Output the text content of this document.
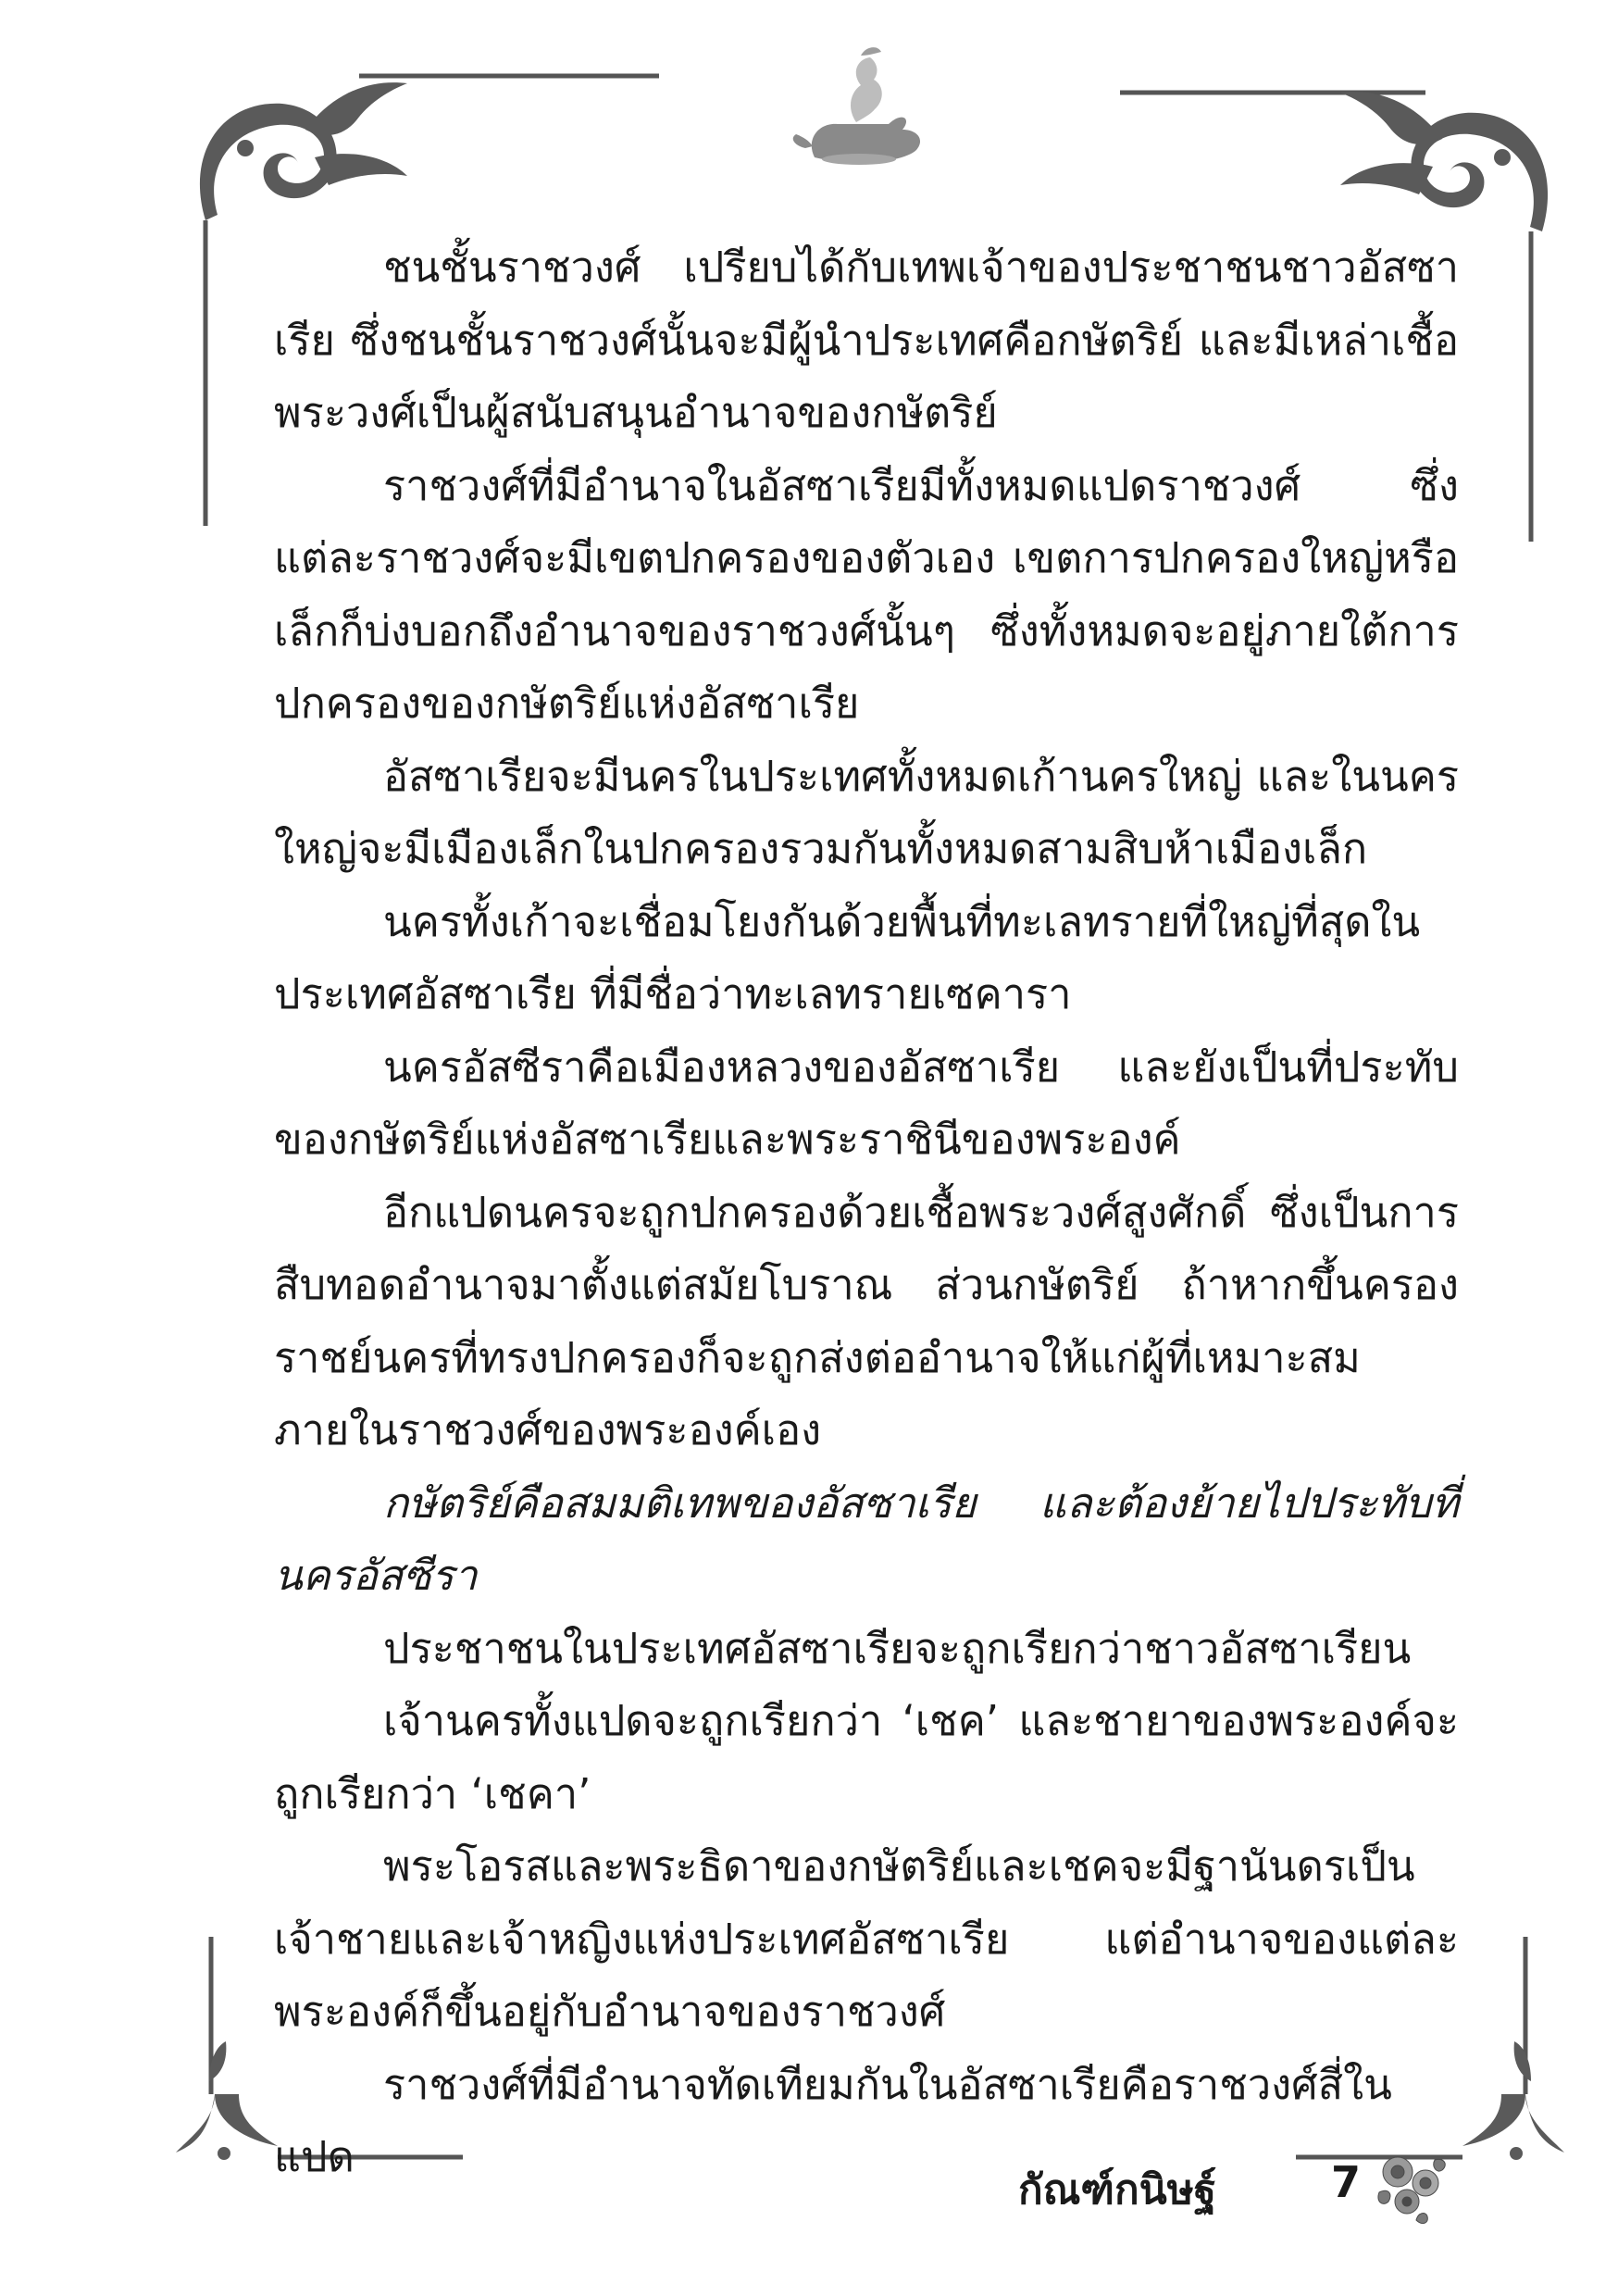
ชนชั้นราชวงศ์ เปรียบได้กับเทพเจ้าของประชาชนชาวอัสซาเรีย ซึ่งชนชั้นราชวงศ์นั้นจะมีผู้นำประเทศคือกษัตริย์ และมีเหล่าเชื้อพระวงศ์เป็นผู้สนับสนุนอำนาจของกษัตริย์

ราชวงศ์ที่มีอำนาจในอัสซาเรียมีทั้งหมดแปดราชวงศ์ ซึ่งแต่ละราชวงศ์จะมีเขตปกครองของตัวเอง เขตการปกครองใหญ่หรือเล็กก็บ่งบอกถึงอำนาจของราชวงศ์นั้นๆ ซึ่งทั้งหมดจะอยู่ภายใต้การปกครองของกษัตริย์แห่งอัสซาเรีย

อัสซาเรียจะมีนครในประเทศทั้งหมดเก้านครใหญ่ และในนครใหญ่จะมีเมืองเล็กในปกครองรวมกันทั้งหมดสามสิบห้าเมืองเล็ก

นครทั้งเก้าจะเชื่อมโยงกันด้วยพื้นที่ทะเลทรายที่ใหญ่ที่สุดในประเทศอัสซาเรีย ที่มีชื่อว่าทะเลทรายเซคารา

นครอัสซีราคือเมืองหลวงของอัสซาเรีย และยังเป็นที่ประทับของกษัตริย์แห่งอัสซาเรียและพระราชินีของพระองค์

อีกแปดนครจะถูกปกครองด้วยเชื้อพระวงศ์สูงศักดิ์ ซึ่งเป็นการสืบทอดอำนาจมาตั้งแต่สมัยโบราณ ส่วนกษัตริย์ ถ้าหากขึ้นครองราชย์นครที่ทรงปกครองก็จะถูกส่งต่ออำนาจให้แก่ผู้ที่เหมาะสมภายในราชวงศ์ของพระองค์เอง

กษัตริย์คือสมมติเทพของอัสซาเรีย และต้องย้ายไปประทับที่นครอัสซีรา

ประชาชนในประเทศอัสซาเรียจะถูกเรียกว่าชาวอัสซาเรียน

เจ้านครทั้งแปดจะถูกเรียกว่า ‘เชค’ และชายาของพระองค์จะถูกเรียกว่า ‘เชคา’

พระโอรสและพระธิดาของกษัตริย์และเชคจะมีฐานันดรเป็นเจ้าชายและเจ้าหญิงแห่งประเทศอัสซาเรีย แต่อำนาจของแต่ละพระองค์ก็ขึ้นอยู่กับอำนาจของราชวงศ์

ราชวงศ์ที่มีอำนาจทัดเทียมกันในอัสซาเรียคือราชวงศ์สี่ในแปด

กัณฑ์กนิษฐ์	7
